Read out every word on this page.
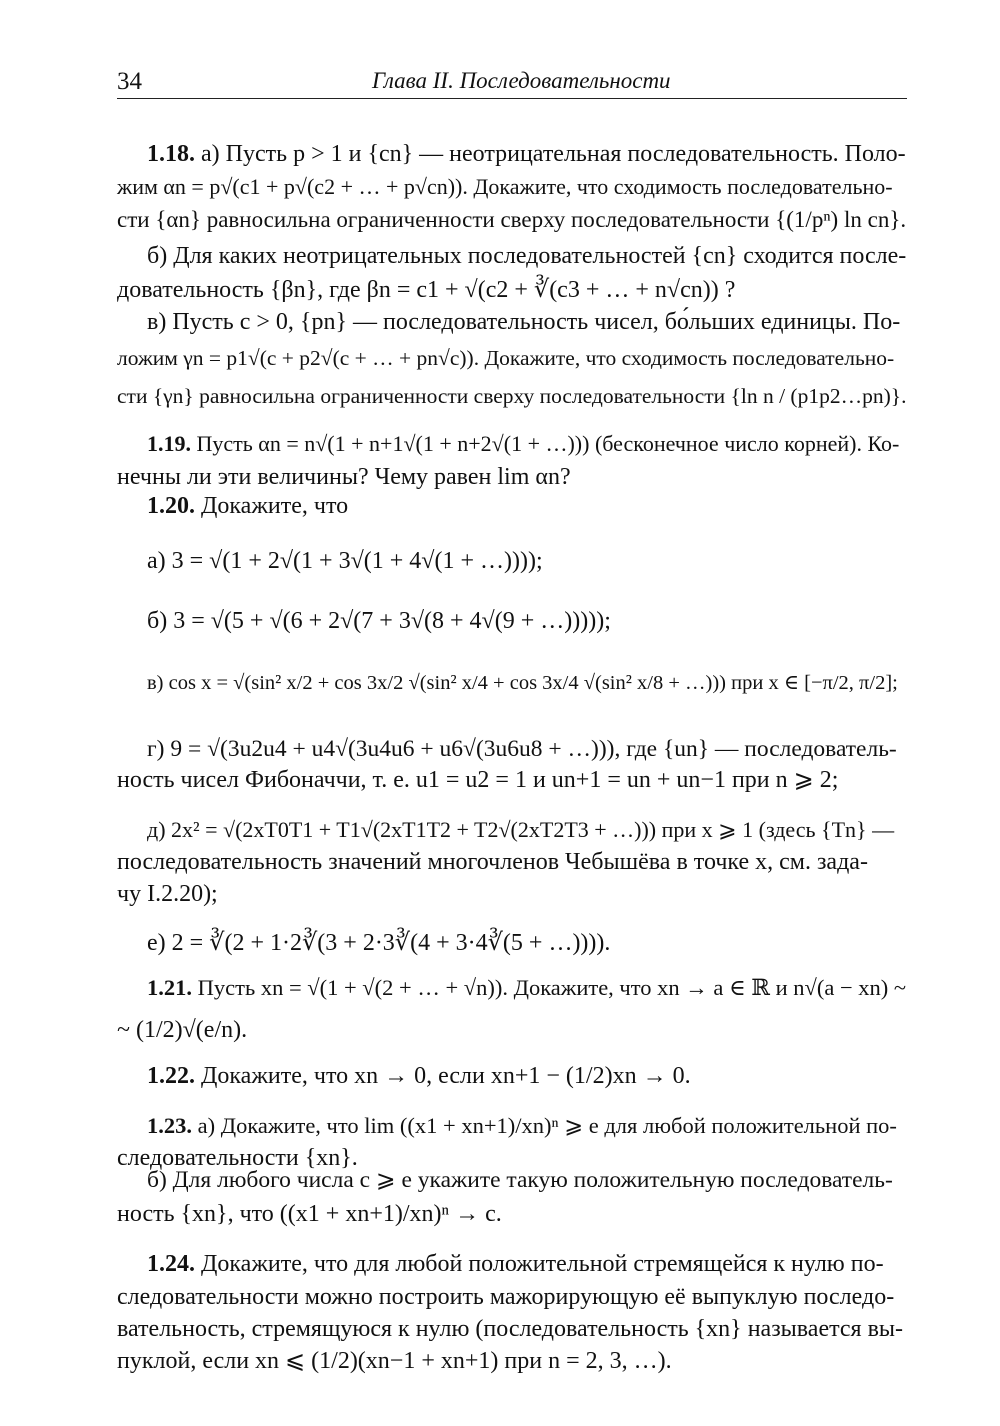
34	Глава II. Последовательности
1.18. а) Пусть p > 1 и {cn} — неотрицательная последовательность. Поло-
жим αn = p√(c1 + p√(c2 + … + p√cn)). Докажите, что сходимость последовательно-
сти {αn} равносильна ограниченности сверху последовательности {(1/pⁿ) ln cn}.
б) Для каких неотрицательных последовательностей {cn} сходится после-
довательность {βn}, где βn = c1 + √(c2 + ∛(c3 + … + n√cn)) ?
в) Пусть c > 0, {pn} — последовательность чисел, бо́льших единицы. По-
ложим γn = p1√(c + p2√(c + … + pn√c)). Докажите, что сходимость последовательно-
сти {γn} равносильна ограниченности сверху последовательности {ln n / (p1p2…pn)}.
1.19. Пусть αn = n√(1 + n+1√(1 + n+2√(1 + …))) (бесконечное число корней). Ко-
нечны ли эти величины? Чему равен lim αn?
1.20. Докажите, что
а) 3 = √(1 + 2√(1 + 3√(1 + 4√(1 + …))));
б) 3 = √(5 + √(6 + 2√(7 + 3√(8 + 4√(9 + …)))));
в) cos x = √(sin² x/2 + cos 3x/2 √(sin² x/4 + cos 3x/4 √(sin² x/8 + …))) при x ∈ [−π/2, π/2];
г) 9 = √(3u2u4 + u4√(3u4u6 + u6√(3u6u8 + …))), где {un} — последователь-
ность чисел Фибоначчи, т. е. u1 = u2 = 1 и un+1 = un + un−1 при n ⩾ 2;
д) 2x² = √(2xT0T1 + T1√(2xT1T2 + T2√(2xT2T3 + …))) при x ⩾ 1 (здесь {Tn} —
последовательность значений многочленов Чебышёва в точке x, см. зада-
чу I.2.20);
е) 2 = ∛(2 + 1·2∛(3 + 2·3∛(4 + 3·4∛(5 + …)))).
1.21. Пусть xn = √(1 + √(2 + … + √n)). Докажите, что xn → a ∈ ℝ и n√(a − xn) ~
~ (1/2)√(e/n).
1.22. Докажите, что xn → 0, если xn+1 − (1/2)xn → 0.
1.23. а) Докажите, что lim ((x1 + xn+1)/xn)ⁿ ⩾ e для любой положительной по-
следовательности {xn}.
б) Для любого числа c ⩾ e укажите такую положительную последователь-
ность {xn}, что ((x1 + xn+1)/xn)ⁿ → c.
1.24. Докажите, что для любой положительной стремящейся к нулю по-
следовательности можно построить мажорирующую её выпуклую последо-
вательность, стремящуюся к нулю (последовательность {xn} называется вы-
пуклой, если xn ⩽ (1/2)(xn−1 + xn+1) при n = 2, 3, …).
